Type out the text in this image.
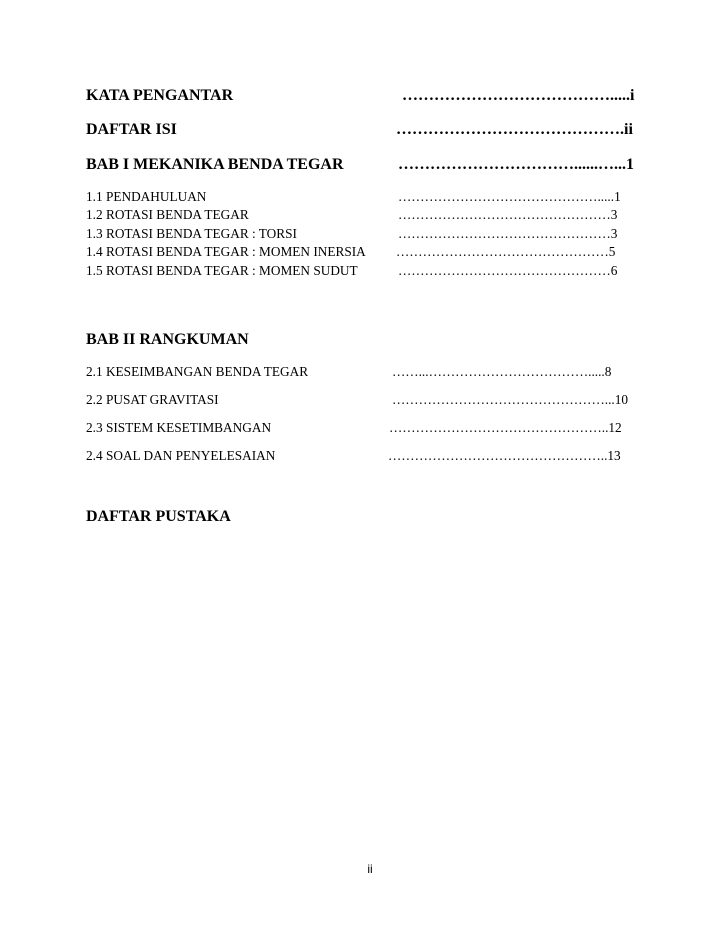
KATA PENGANTAR	………………………………….....i
DAFTAR ISI	…………………………………….ii
BAB I MEKANIKA BENDA TEGAR	……………………………......…...1
1.1 PENDAHULUAN	……………………………………….....1
1.2 ROTASI BENDA TEGAR	…………………………………………3
1.3 ROTASI BENDA TEGAR : TORSI	…………………………………………3
1.4 ROTASI BENDA TEGAR : MOMEN INERSIA …………………………………………5
1.5 ROTASI BENDA TEGAR : MOMEN SUDUT	…………………………………………6
BAB II RANGKUMAN
2.1 KESEIMBANGAN BENDA TEGAR	……...……………………………….....8
2.2 PUSAT GRAVITASI	…………………………………………...10
2.3 SISTEM KESETIMBANGAN	…………………………………………..12
2.4 SOAL DAN PENYELESAIAN	…………………………………………..13
DAFTAR PUSTAKA
ii
